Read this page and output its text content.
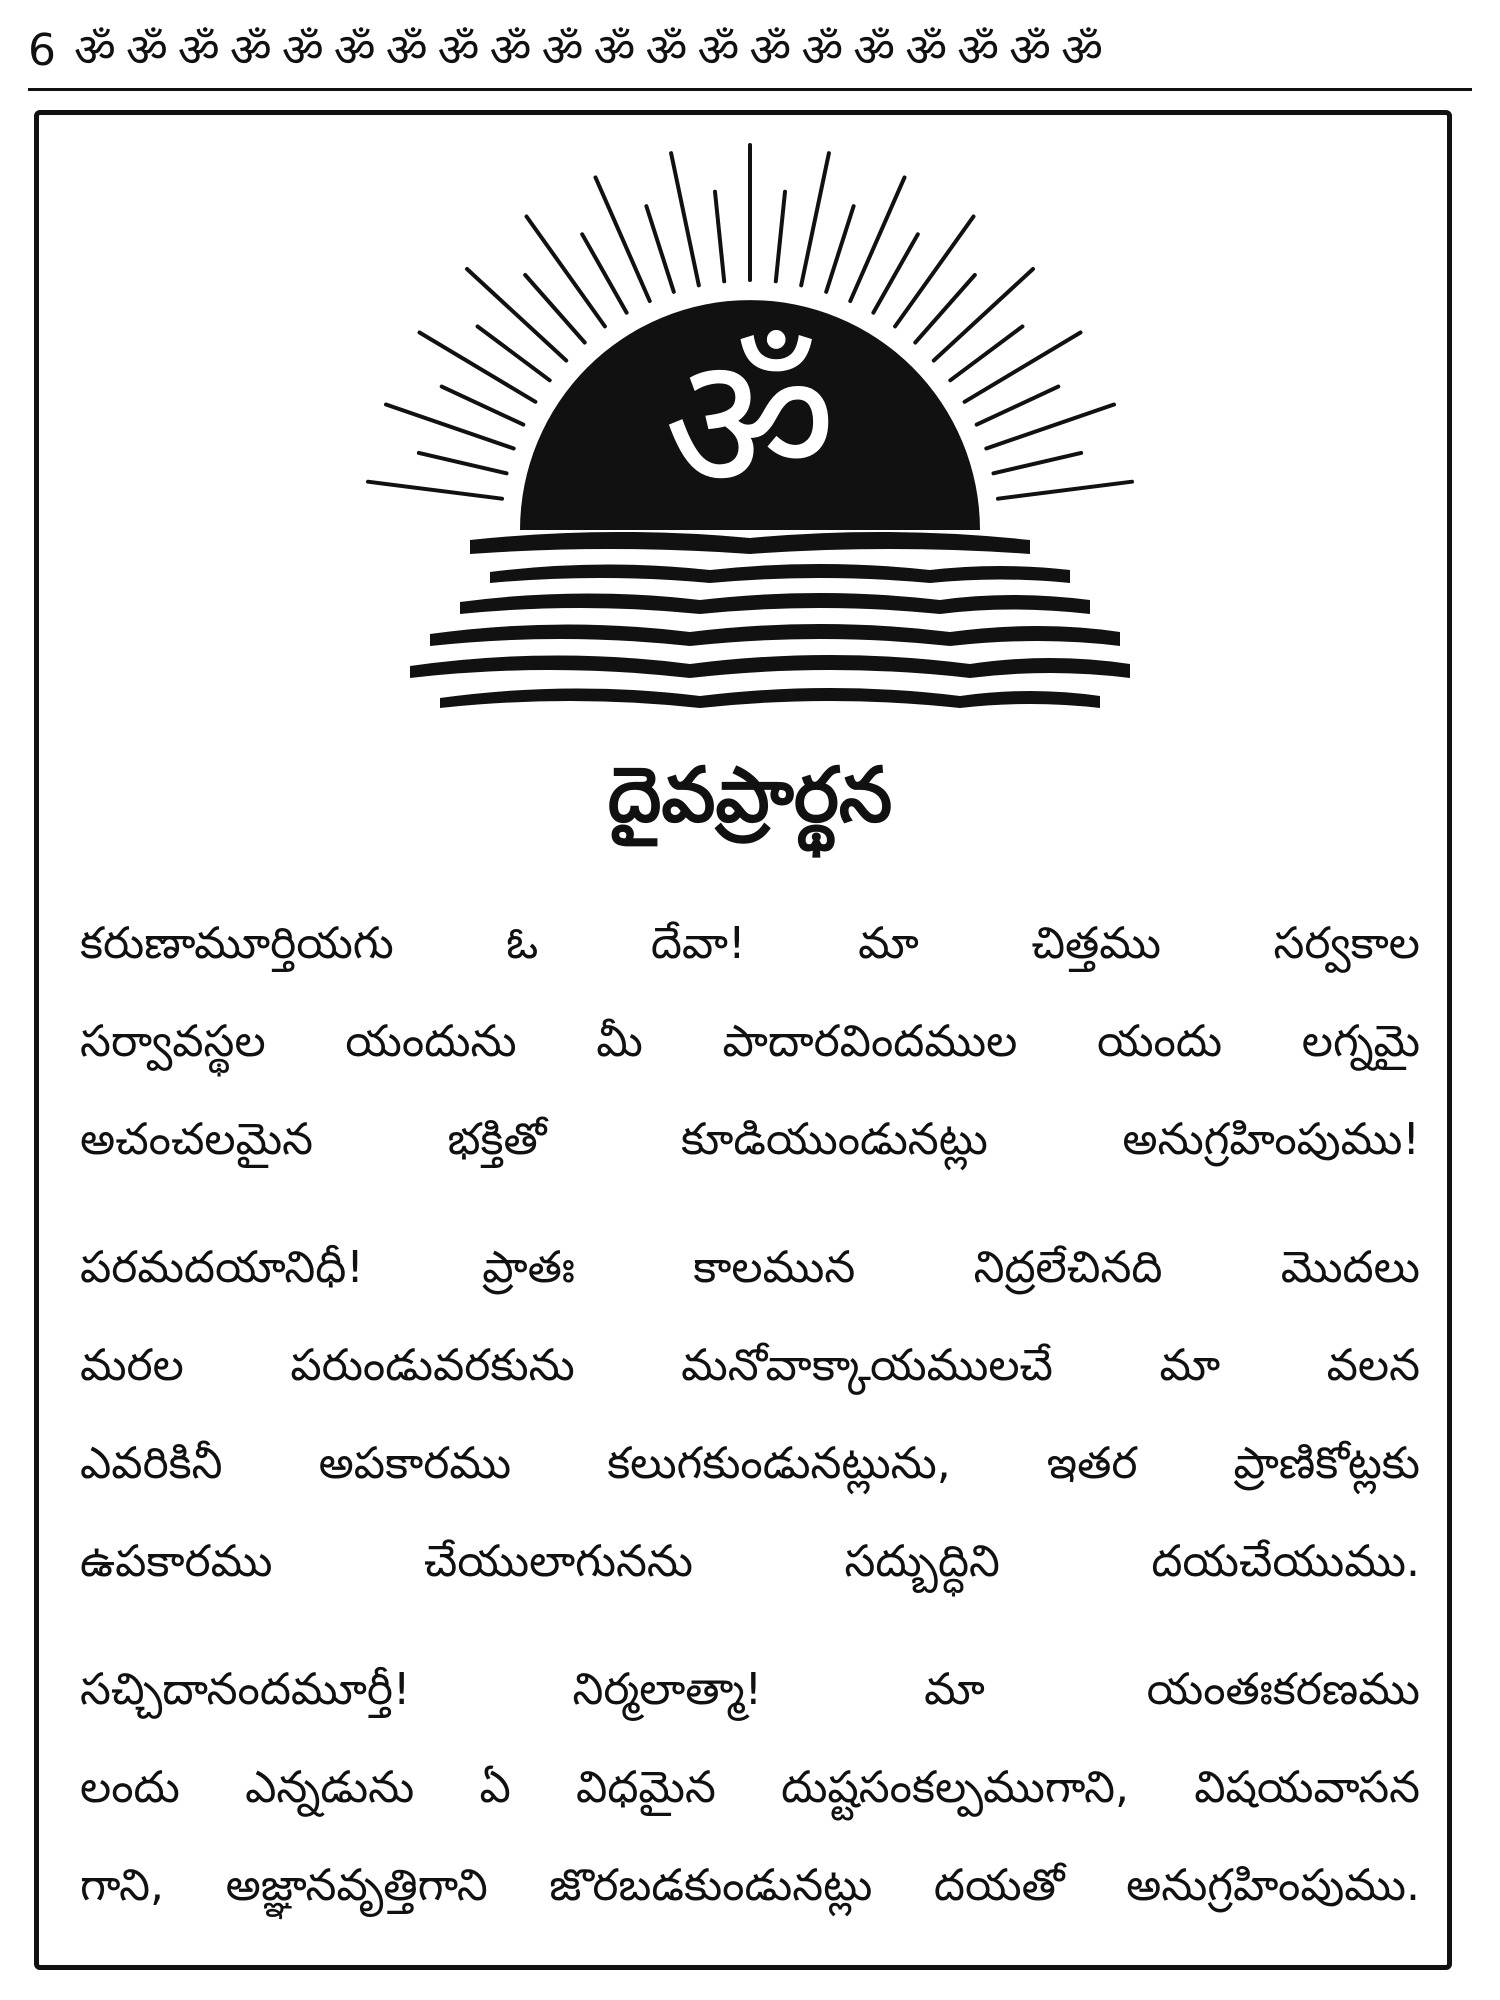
6 ॐ ॐ ॐ ॐ ॐ ॐ ॐ ॐ ॐ ॐ ॐ ॐ ॐ ॐ ॐ ॐ ॐ ॐ ॐ ॐ
ॐ
దైవప్రార్థన
కరుణామూర్తియగు ఓ దేవా! మా చిత్తము సర్వకాల
సర్వావస్థల యందును మీ పాదారవిందముల యందు లగ్నమై
అచంచలమైన భక్తితో కూడియుండునట్లు అనుగ్రహింపుము!
పరమదయానిధీ! ప్రాతః కాలమున నిద్రలేచినది మొదలు
మరల పరుండువరకును మనోవాక్కాయములచే మా వలన
ఎవరికినీ అపకారము కలుగకుండునట్లును, ఇతర ప్రాణికోట్లకు
ఉపకారము చేయులాగునను సద్బుద్ధిని దయచేయుము.
సచ్చిదానందమూర్తీ! నిర్మలాత్మా! మా యంతఃకరణము
లందు ఎన్నడును ఏ విధమైన దుష్టసంకల్పముగాని, విషయవాసన
గాని, అజ్ఞానవృత్తిగాని జొరబడకుండునట్లు దయతో అనుగ్రహింపుము.
